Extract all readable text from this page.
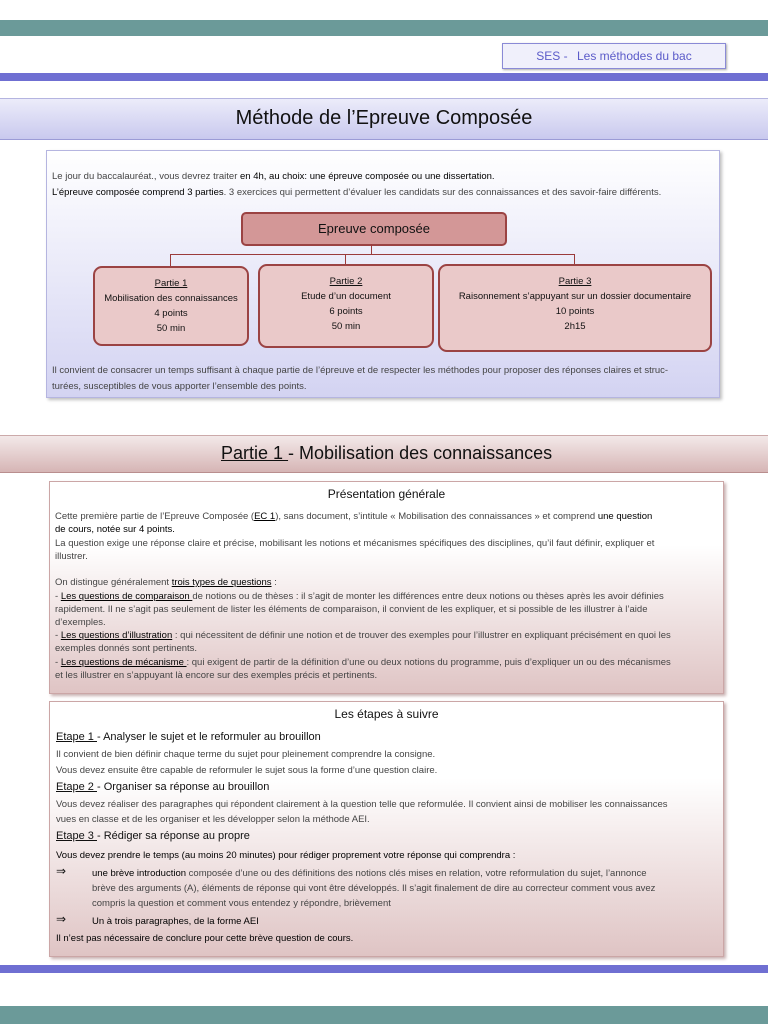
SES - Les méthodes du bac
Méthode de l’Epreuve Composée

Le jour du baccalauréat., vous devrez traiter en 4h, au choix: une épreuve composée ou une dissertation.

L’épreuve composée comprend 3 parties. 3 exercices qui permettent d’évaluer les candidats sur des connaissances et des savoir-faire différents.

Il convient de consacrer un temps suffisant à chaque partie de l’épreuve et de respecter les méthodes pour proposer des réponses claires et struc-

turées, susceptibles de vous apporter l’ensemble des points.

Epreuve composée
Partie 1
Mobilisation des connaissances
4 points
50 min
Partie 2
Etude d’un document
6 points
50 min
Partie 3
Raisonnement s’appuyant sur un dossier documentaire
10 points
2h15
Partie 1 - Mobilisation des connaissances
Présentation générale
Cette première partie de l’Epreuve Composée (EC 1), sans document, s’intitule « Mobilisation des connaissances » et comprend une question
de cours, notée sur 4 points.
La question exige une réponse claire et précise, mobilisant les notions et mécanismes spécifiques des disciplines, qu’il faut définir, expliquer et
illustrer.
On distingue généralement trois types de questions :
- Les questions de comparaison de notions ou de thèses : il s’agit de monter les différences entre deux notions ou thèses après les avoir définies
rapidement. Il ne s’agit pas seulement de lister les éléments de comparaison, il convient de les expliquer, et si possible de les illustrer à l’aide
d’exemples.
- Les questions d’illustration : qui nécessitent de définir une notion et de trouver des exemples pour l’illustrer en expliquant précisément en quoi les
exemples donnés sont pertinents.
- Les questions de mécanisme : qui exigent de partir de la définition d’une ou deux notions du programme, puis d’expliquer un ou des mécanismes
et les illustrer en s’appuyant là encore sur des exemples précis et pertinents.
Les étapes à suivre
Etape 1 - Analyser le sujet et le reformuler au brouillon
Il convient de bien définir chaque terme du sujet pour pleinement comprendre la consigne.
Vous devez ensuite être capable de reformuler le sujet sous la forme d’une question claire.
Etape 2 - Organiser sa réponse au brouillon
Vous devez réaliser des paragraphes qui répondent clairement à la question telle que reformulée. Il convient ainsi de mobiliser les connaissances
vues en classe et de les organiser et les développer selon la méthode AEI.
Etape 3 - Rédiger sa réponse au propre
Vous devez prendre le temps (au moins 20 minutes) pour rédiger proprement votre réponse qui comprendra :
⇒	une brève introduction composée d’une ou des définitions des notions clés mises en relation, votre reformulation du sujet, l’annonce
brève des arguments (A), éléments de réponse qui vont être développés. Il s’agit finalement de dire au correcteur comment vous avez
compris la question et comment vous entendez y répondre, brièvement
⇒	Un à trois paragraphes, de la forme AEI
Il n’est pas nécessaire de conclure pour cette brève question de cours.
